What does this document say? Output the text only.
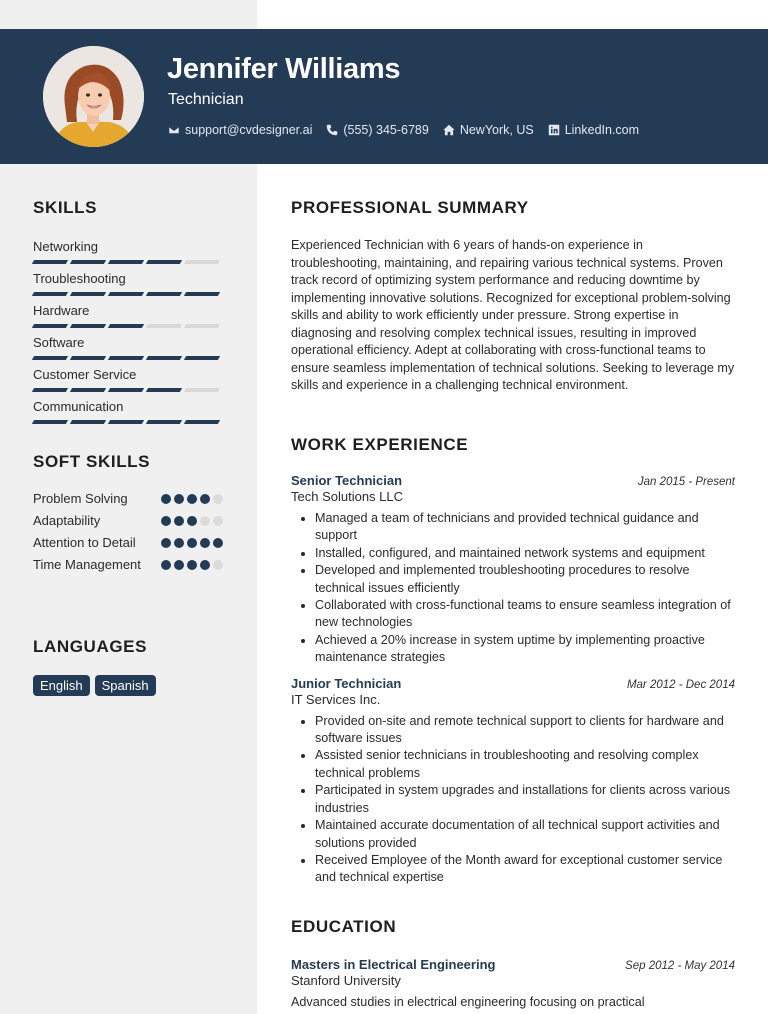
Jennifer Williams
Technician
support@cvdesigner.ai (555) 345-6789 NewYork, US LinkedIn.com
SKILLS
Networking
Troubleshooting
Hardware
Software
Customer Service
Communication
SOFT SKILLS
Problem Solving
Adaptability
Attention to Detail
Time Management
LANGUAGES
English	Spanish
PROFESSIONAL SUMMARY

Experienced Technician with 6 years of hands-on experience in troubleshooting, maintaining, and repairing various technical systems. Proven track record of optimizing system performance and reducing downtime by implementing innovative solutions. Recognized for exceptional problem-solving skills and ability to work efficiently under pressure. Strong expertise in diagnosing and resolving complex technical issues, resulting in improved operational efficiency. Adept at collaborating with cross-functional teams to ensure seamless implementation of technical solutions. Seeking to leverage my skills and experience in a challenging technical environment.

WORK EXPERIENCE
Senior Technician	Jan 2015 - Present
Tech Solutions LLC
• Managed a team of technicians and provided technical guidance and support
• Installed, configured, and maintained network systems and equipment
• Developed and implemented troubleshooting procedures to resolve technical issues efficiently
• Collaborated with cross-functional teams to ensure seamless integration of new technologies
• Achieved a 20% increase in system uptime by implementing proactive maintenance strategies
Junior Technician	Mar 2012 - Dec 2014
IT Services Inc.
• Provided on-site and remote technical support to clients for hardware and software issues
• Assisted senior technicians in troubleshooting and resolving complex technical problems
• Participated in system upgrades and installations for clients across various industries
• Maintained accurate documentation of all technical support activities and solutions provided
• Received Employee of the Month award for exceptional customer service and technical expertise
EDUCATION
Masters in Electrical Engineering	Sep 2012 - May 2014
Stanford University
Advanced studies in electrical engineering focusing on practical
